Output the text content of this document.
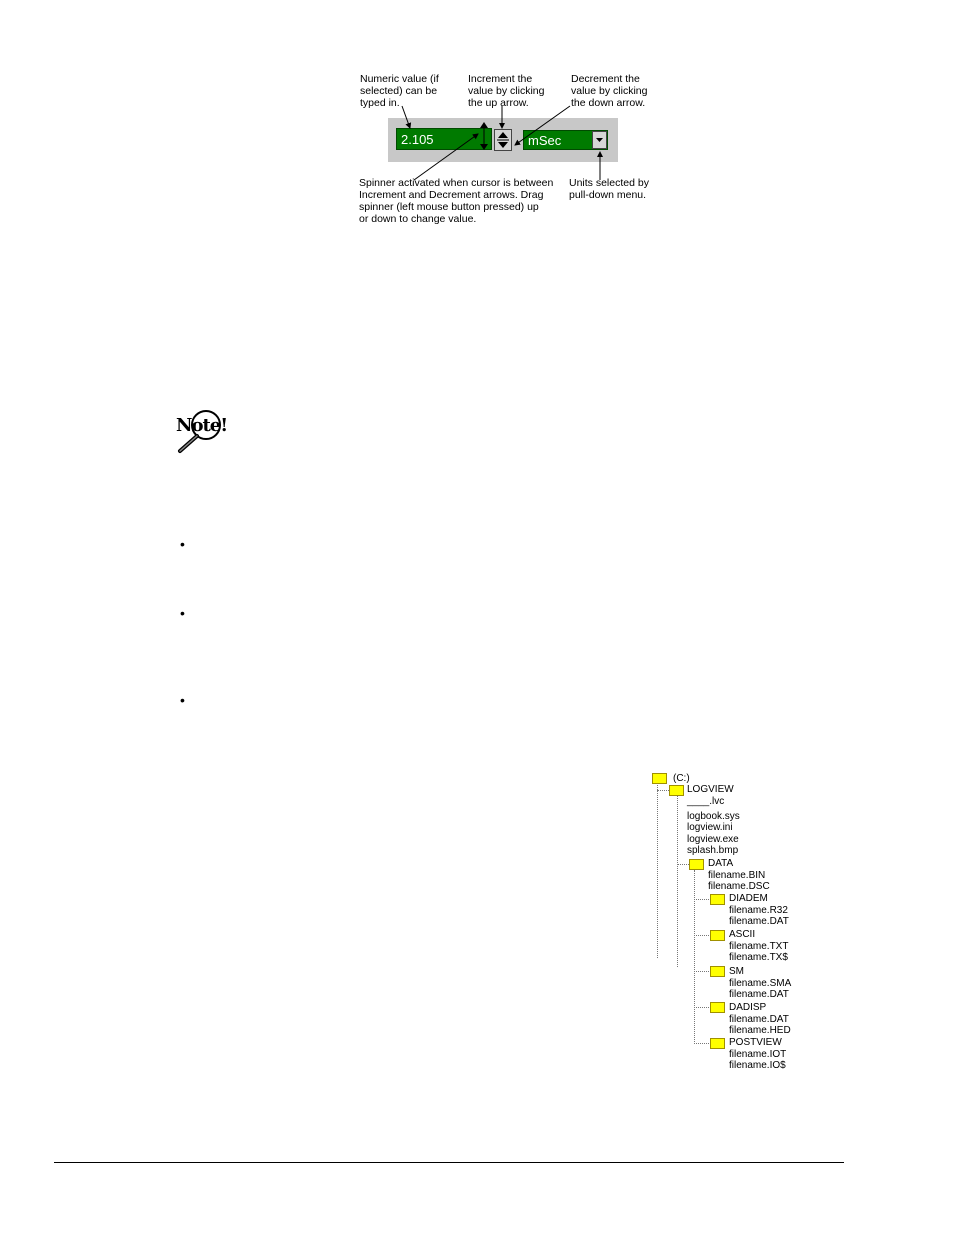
Numeric value (if
selected) can be
typed in.
Increment the
value by clicking
the up arrow.
Decrement the
value by clicking
the down arrow.
2.105	mSec
Spinner activated when cursor is between
Increment and Decrement arrows. Drag
spinner (left mouse button pressed) up
or down to change value.
Units selected by
pull-down menu.
Note!
•
•
•
(C:)
LOGVIEW
____.lvc
logbook.sys
logview.ini
logview.exe
splash.bmp
DATA
filename.BIN
filename.DSC
DIADEM
filename.R32
filename.DAT
ASCII
filename.TXT
filename.TX$
SM
filename.SMA
filename.DAT
DADISP
filename.DAT
filename.HED
POSTVIEW
filename.IOT
filename.IO$
